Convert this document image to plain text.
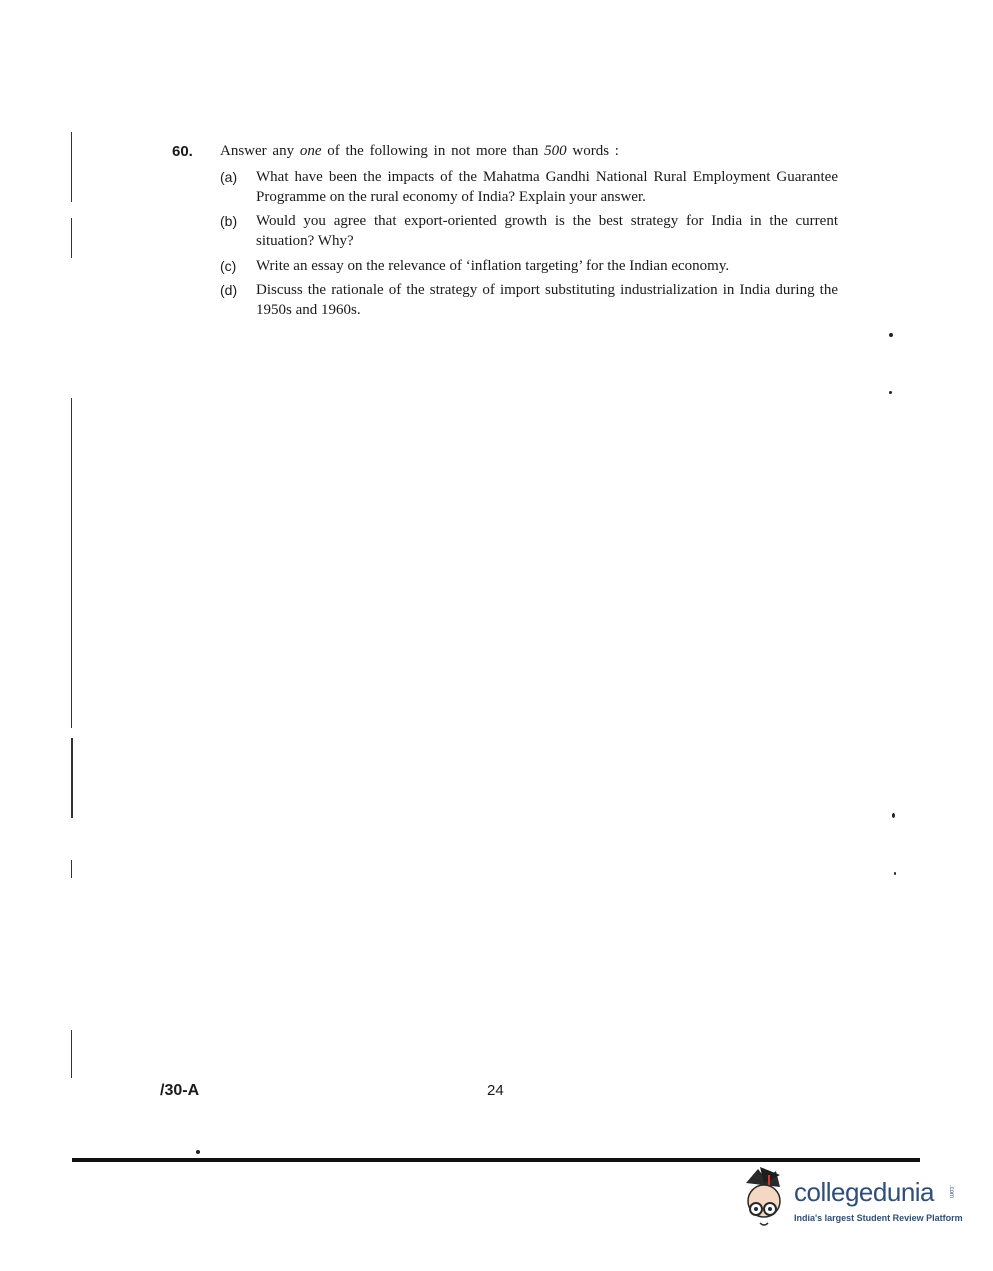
60. Answer any one of the following in not more than 500 words :
(a) What have been the impacts of the Mahatma Gandhi National Rural Employment Guarantee Programme on the rural economy of India? Explain your answer.
(b) Would you agree that export-oriented growth is the best strategy for India in the current situation? Why?
(c) Write an essay on the relevance of ‘inflation targeting’ for the Indian economy.
(d) Discuss the rationale of the strategy of import substituting industrialization in India during the 1950s and 1960s.
/30-A	24
collegedunia .com
India's largest Student Review Platform
